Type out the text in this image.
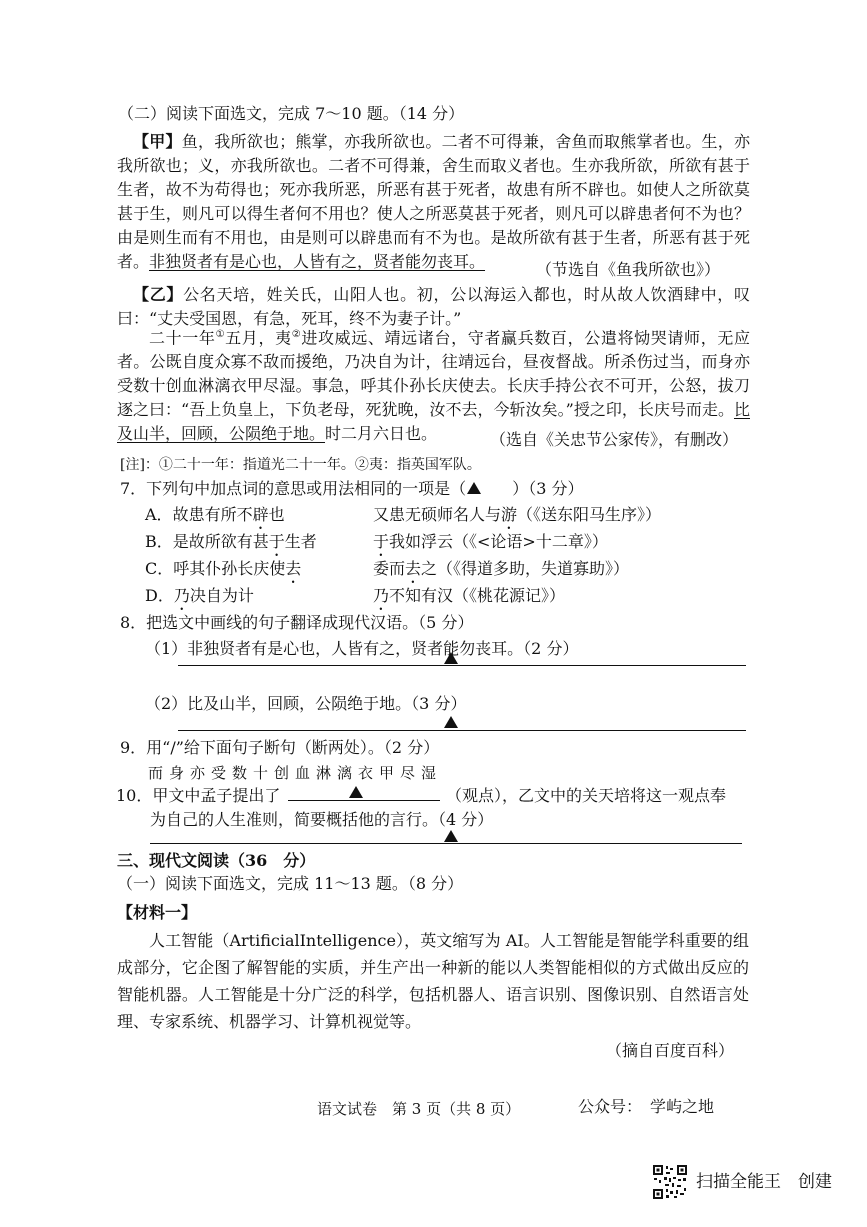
（二）阅读下面选文，完成 7～10 题。（14 分）
【甲】鱼，我所欲也；熊掌，亦我所欲也。二者不可得兼，舍鱼而取熊掌者也。生，亦我所欲也；义，亦我所欲也。二者不可得兼，舍生而取义者也。生亦我所欲，所欲有甚于生者，故不为苟得也；死亦我所恶，所恶有甚于死者，故患有所不辟也。如使人之所欲莫甚于生，则凡可以得生者何不用也？使人之所恶莫甚于死者，则凡可以辟患者何不为也？由是则生而有不用也，由是则可以辟患而有不为也。是故所欲有甚于生者，所恶有甚于死者。非独贤者有是心也，人皆有之，贤者能勿丧耳。	（节选自《鱼我所欲也》）
【乙】公名天培，姓关氏，山阳人也。初，公以海运入都也，时从故人饮酒肆中，叹曰：“丈夫受国恩，有急，死耳，终不为妻子计。”
二十一年①五月，夷②进攻威远、靖远诸台，守者赢兵数百，公遣将恸哭请师，无应者。公既自度众寡不敌而援绝，乃决自为计，往靖远台，昼夜督战。所杀伤过当，而身亦受数十创血淋漓衣甲尽湿。事急，呼其仆孙长庆使去。长庆手持公衣不可开，公怒，拔刀逐之曰：“吾上负皇上，下负老母，死犹晚，汝不去，今斩汝矣。”授之印，长庆号而走。比及山半，回顾，公陨绝于地。时二月六日也。	（选自《关忠节公家传》，有删改）
[注]：①二十一年：指道光二十一年。②夷：指英国军队。
7．下列句中加点词的意思或用法相同的一项是（	）（3 分）
A．故患有所不辟也	又患无硕师名人与游（《送东阳马生序》）
B．是故所欲有甚于生者	于我如浮云（《<论语>十二章》）
C．呼其仆孙长庆使去	委而去之（《得道多助，失道寡助》）
D．乃决自为计	乃不知有汉（《桃花源记》）
8．把选文中画线的句子翻译成现代汉语。（5 分）
（1）非独贤者有是心也，人皆有之，贤者能勿丧耳。（2 分）
（2）比及山半，回顾，公陨绝于地。（3 分）
9．用“/”给下面句子断句（断两处）。（2 分）
而身亦受数十创血淋漓衣甲尽湿
10．甲文中孟子提出了	（观点），乙文中的关天培将这一观点奉
为自己的人生准则，简要概括他的言行。（4 分）
三、现代文阅读（36　分）
（一）阅读下面选文，完成 11～13 题。（8 分）
【材料一】
人工智能（ArtificialIntelligence），英文缩写为 AI。人工智能是智能学科重要的组成部分，它企图了解智能的实质，并生产出一种新的能以人类智能相似的方式做出反应的智能机器。人工智能是十分广泛的科学，包括机器人、语言识别、图像识别、自然语言处理、专家系统、机器学习、计算机视觉等。
（摘自百度百科）
语文试卷　第 3 页（共 8 页）	公众号：　学屿之地
扫描全能王　创建
